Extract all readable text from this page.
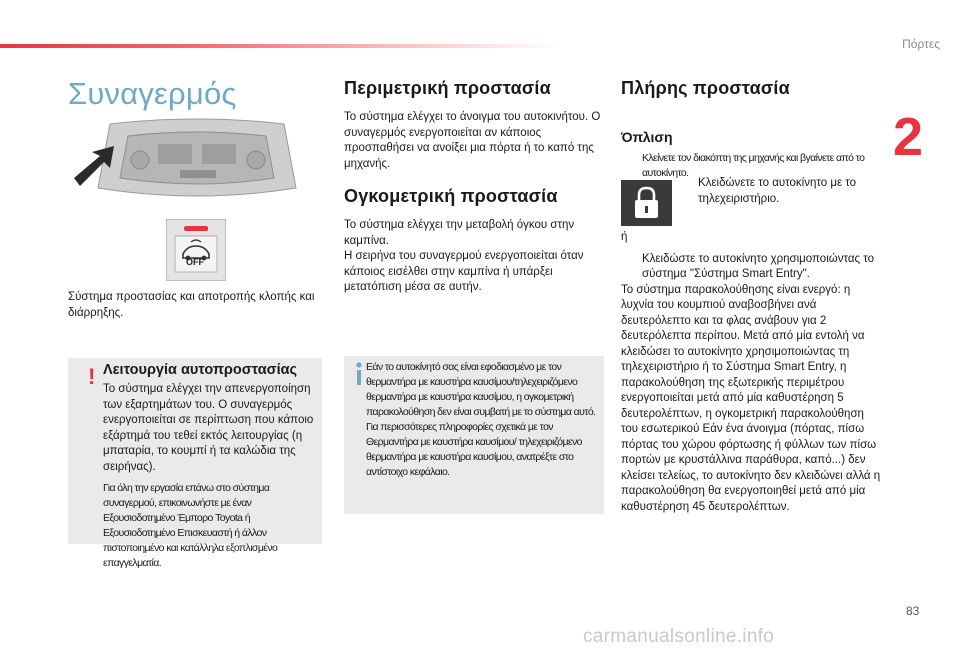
Πόρτες
2
Συναγερμός
OFF

Σύστημα προστασίας και αποτροπής κλοπής και διάρρηξης.

! Λειτουργία αυτοπροστασίας

Το σύστημα ελέγχει την απενεργοποίηση των εξαρτημάτων του. Ο συναγερμός ενεργοποιείται σε περίπτωση που κάποιο εξάρτημά του τεθεί εκτός λειτουργίας (η μπαταρία, το κουμπί ή τα καλώδια της σειρήνας).

Για όλη την εργασία επάνω στο σύστημα συναγερμού, επικοινωνήστε με έναν Εξουσιοδοτημένο Έμπορο Toyota ή Εξουσιοδοτημένο Επισκευαστή ή άλλον πιστοποιημένο και κατάλληλα εξοπλισμένο επαγγελματία.

Περιμετρική προστασία

Το σύστημα ελέγχει το άνοιγμα του αυτοκινήτου. Ο συναγερμός ενεργοποιείται αν κάποιος προσπαθήσει να ανοίξει μια πόρτα ή το καπό της μηχανής.

Ογκομετρική προστασία

Το σύστημα ελέγχει την μεταβολή όγκου στην καμπίνα.

Η σειρήνα του συναγερμού ενεργοποιείται όταν κάποιος εισέλθει στην καμπίνα ή υπάρξει μετατόπιση μέσα σε αυτήν.

Εάν το αυτοκίνητό σας είναι εφοδιασμένο με τον θερμαντήρα με καυστήρα καυσίμου/τηλεχειριζόμενο θερμαντήρα με καυστήρα καυσίμου, η ογκομετρική παρακολούθηση δεν είναι συμβατή με το σύστημα αυτό. Για περισσότερες πληροφορίες σχετικά με τον Θερμαντήρα με καυστήρα καυσίμου/ τηλεχειριζόμενο θερμαντήρα με καυστήρα καυσίμου, ανατρέξτε στο αντίστοιχο κεφάλαιο.

Πλήρης προστασία
Όπλιση

Κλείνετε τον διακόπτη της μηχανής και βγαίνετε από το αυτοκίνητο.

Κλειδώνετε το αυτοκίνητο με το τηλεχειριστήριο.

ή

Κλειδώστε το αυτοκίνητο χρησιμοποιώντας το σύστημα "Σύστημα Smart Entry".

Το σύστημα παρακολούθησης είναι ενεργό: η λυχνία του κουμπιού αναβοσβήνει ανά δευτερόλεπτο και τα φλας ανάβουν για 2 δευτερόλεπτα περίπου. Μετά από μία εντολή να κλειδώσει το αυτοκίνητο χρησιμοποιώντας τη τηλεχειριστήριο ή το Σύστημα Smart Entry, η παρακολούθηση της εξωτερικής περιμέτρου ενεργοποιείται μετά από μία καθυστέρηση 5 δευτερολέπτων, η ογκομετρική παρακολούθηση του εσωτερικού Εάν ένα άνοιγμα (πόρτας, πίσω πόρτας του χώρου φόρτωσης ή φύλλων των πίσω πορτών με κρυστάλλινα παράθυρα, καπό...) δεν κλείσει τελείως, το αυτοκίνητο δεν κλειδώνει αλλά η παρακολούθηση θα ενεργοποιηθεί μετά από μία καθυστέρηση 45 δευτερολέπτων.

83
carmanualsonline.info
